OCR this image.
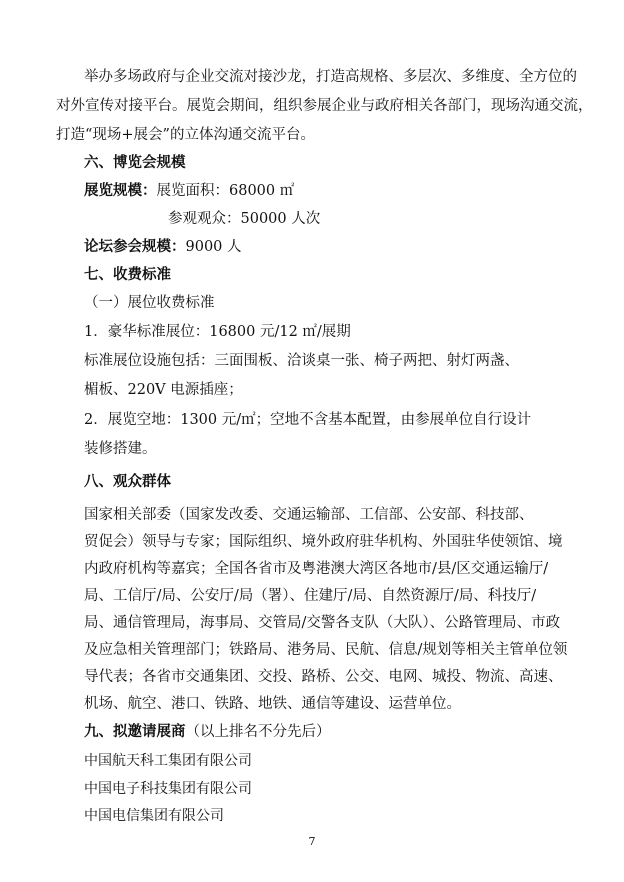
举办多场政府与企业交流对接沙龙，打造高规格、多层次、多维度、全方位的
对外宣传对接平台。展览会期间，组织参展企业与政府相关各部门，现场沟通交流，
打造“现场+展会”的立体沟通交流平台。
六、博览会规模
展览规模：展览面积：68000 ㎡
参观观众：50000 人次
论坛参会规模：9000 人
七、收费标准
（一）展位收费标准
1．豪华标准展位：16800 元/12 ㎡/展期
标准展位设施包括：三面围板、洽谈桌一张、椅子两把、射灯两盏、
楣板、220V 电源插座；
2．展览空地：1300 元/㎡；空地不含基本配置，由参展单位自行设计
装修搭建。
八、观众群体
国家相关部委（国家发改委、交通运输部、工信部、公安部、科技部、
贸促会）领导与专家；国际组织、境外政府驻华机构、外国驻华使领馆、境
内政府机构等嘉宾；全国各省市及粤港澳大湾区各地市/县/区交通运输厅/
局、工信厅/局、公安厅/局（署）、住建厅/局、自然资源厅/局、科技厅/
局、通信管理局，海事局、交管局/交警各支队（大队）、公路管理局、市政
及应急相关管理部门；铁路局、港务局、民航、信息/规划等相关主管单位领
导代表；各省市交通集团、交投、路桥、公交、电网、城投、物流、高速、
机场、航空、港口、铁路、地铁、通信等建设、运营单位。
九、拟邀请展商（以上排名不分先后）
中国航天科工集团有限公司
中国电子科技集团有限公司
中国电信集团有限公司
7
